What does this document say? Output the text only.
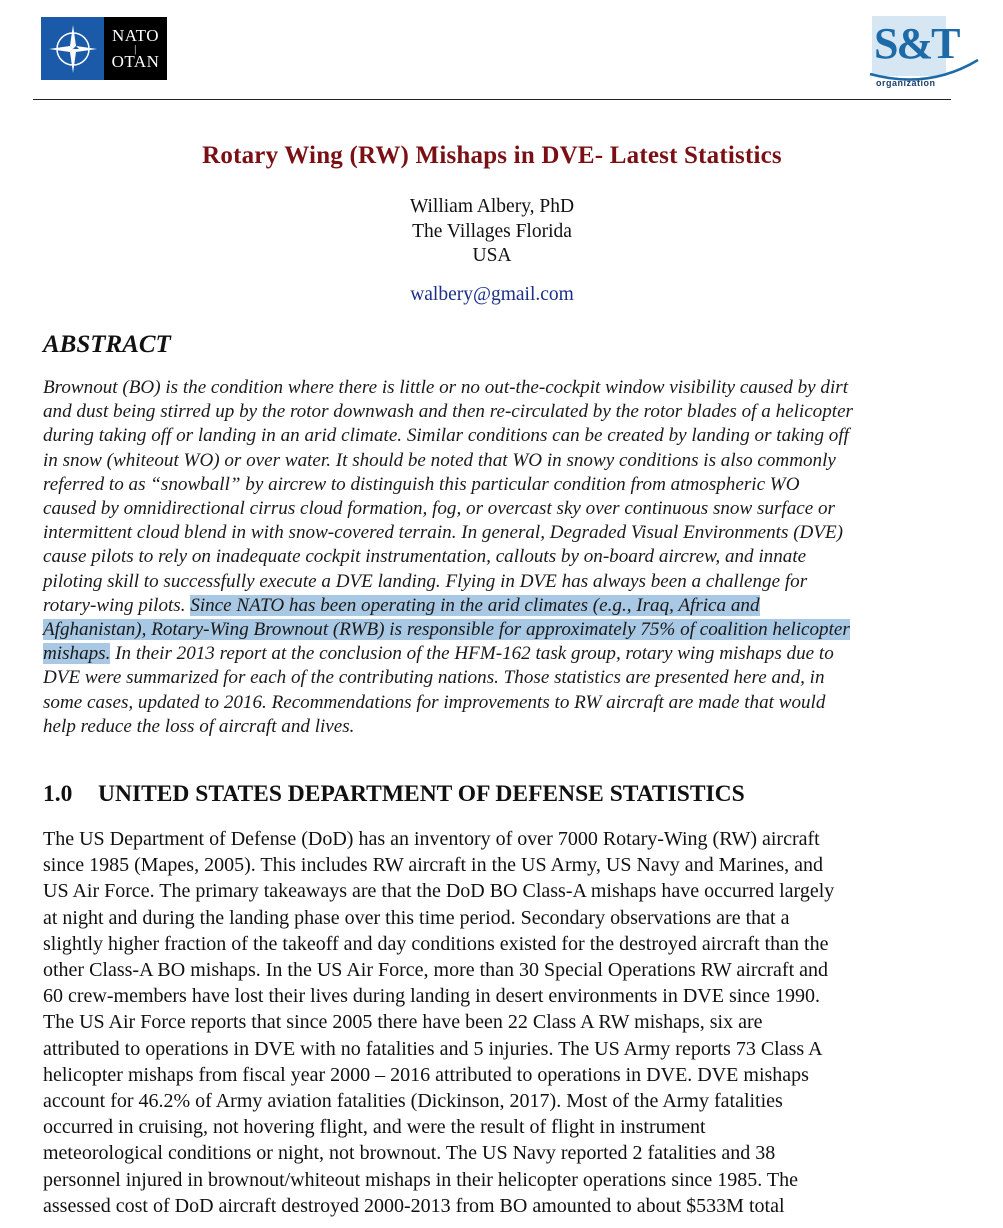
NATO
|
OTAN	S&T
organization
Rotary Wing (RW) Mishaps in DVE- Latest Statistics
William Albery, PhD
The Villages Florida
USA
walbery@gmail.com
ABSTRACT
Brownout (BO) is the condition where there is little or no out-the-cockpit window visibility caused by dirt
and dust being stirred up by the rotor downwash and then re-circulated by the rotor blades of a helicopter
during taking off or landing in an arid climate. Similar conditions can be created by landing or taking off
in snow (whiteout WO) or over water. It should be noted that WO in snowy conditions is also commonly
referred to as “snowball” by aircrew to distinguish this particular condition from atmospheric WO
caused by omnidirectional cirrus cloud formation, fog, or overcast sky over continuous snow surface or
intermittent cloud blend in with snow-covered terrain. In general, Degraded Visual Environments (DVE)
cause pilots to rely on inadequate cockpit instrumentation, callouts by on-board aircrew, and innate
piloting skill to successfully execute a DVE landing. Flying in DVE has always been a challenge for
rotary-wing pilots. Since NATO has been operating in the arid climates (e.g., Iraq, Africa and
Afghanistan), Rotary-Wing Brownout (RWB) is responsible for approximately 75% of coalition helicopter
mishaps. In their 2013 report at the conclusion of the HFM-162 task group, rotary wing mishaps due to
DVE were summarized for each of the contributing nations. Those statistics are presented here and, in
some cases, updated to 2016. Recommendations for improvements to RW aircraft are made that would
help reduce the loss of aircraft and lives.
1.0 UNITED STATES DEPARTMENT OF DEFENSE STATISTICS
The US Department of Defense (DoD) has an inventory of over 7000 Rotary-Wing (RW) aircraft
since 1985 (Mapes, 2005). This includes RW aircraft in the US Army, US Navy and Marines, and
US Air Force. The primary takeaways are that the DoD BO Class-A mishaps have occurred largely
at night and during the landing phase over this time period. Secondary observations are that a
slightly higher fraction of the takeoff and day conditions existed for the destroyed aircraft than the
other Class-A BO mishaps. In the US Air Force, more than 30 Special Operations RW aircraft and
60 crew-members have lost their lives during landing in desert environments in DVE since 1990.
The US Air Force reports that since 2005 there have been 22 Class A RW mishaps, six are
attributed to operations in DVE with no fatalities and 5 injuries. The US Army reports 73 Class A
helicopter mishaps from fiscal year 2000 – 2016 attributed to operations in DVE. DVE mishaps
account for 46.2% of Army aviation fatalities (Dickinson, 2017). Most of the Army fatalities
occurred in cruising, not hovering flight, and were the result of flight in instrument
meteorological conditions or night, not brownout. The US Navy reported 2 fatalities and 38
personnel injured in brownout/whiteout mishaps in their helicopter operations since 1985. The
assessed cost of DoD aircraft destroyed 2000-2013 from BO amounted to about $533M total
